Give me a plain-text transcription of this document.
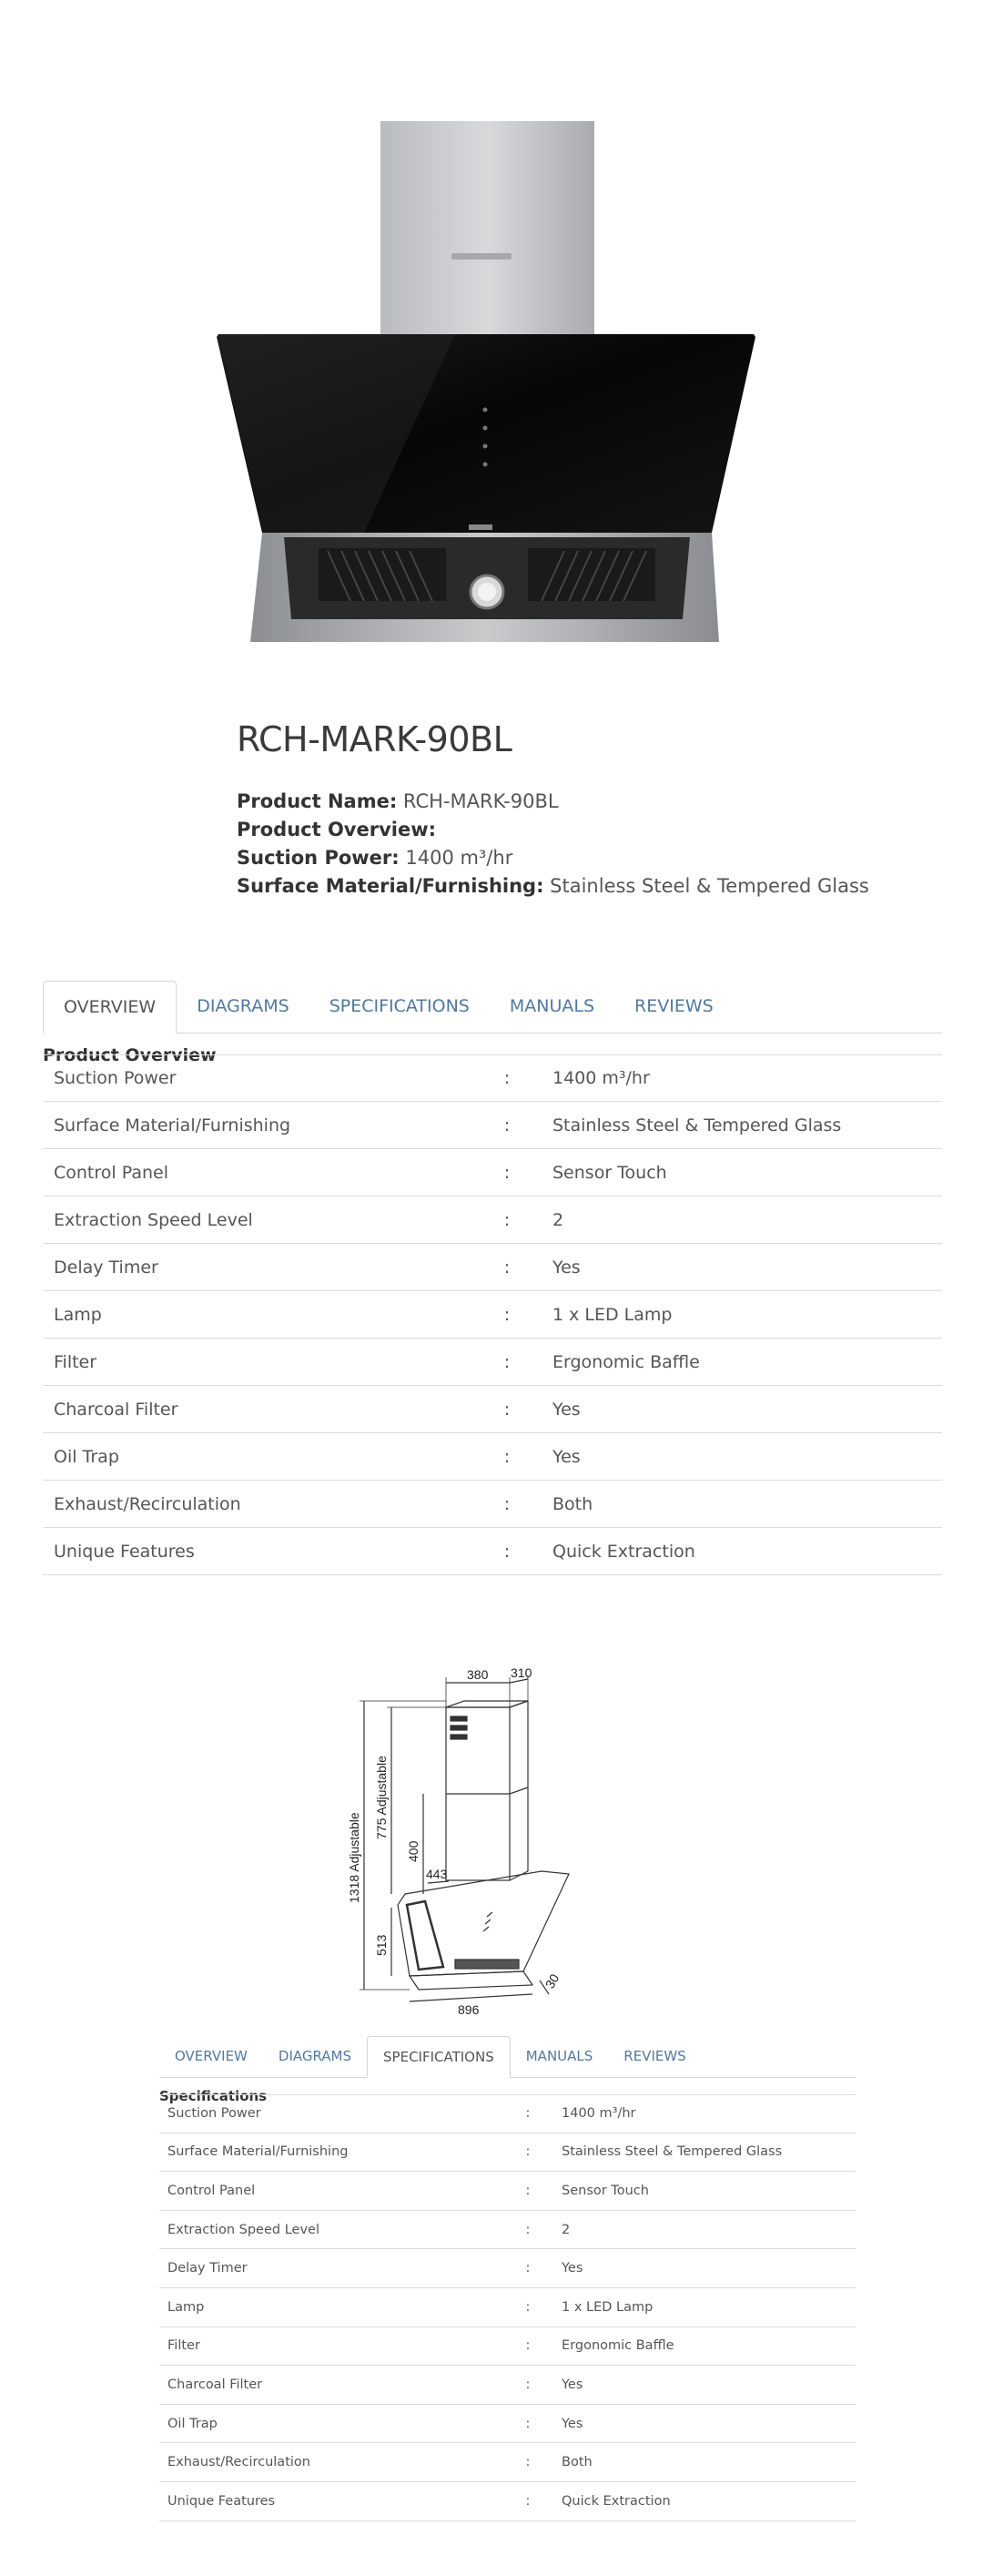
RCH-MARK-90BL
Product Name: RCH-MARK-90BL
Product Overview:
Suction Power: 1400 m³/hr
Surface Material/Furnishing: Stainless Steel & Tempered Glass
OVERVIEW	DIAGRAMS	SPECIFICATIONS	MANUALS	REVIEWS
Product Overview
Suction Power	:	1400 m³/hr
Surface Material/Furnishing	:	Stainless Steel & Tempered Glass
Control Panel	:	Sensor Touch
Extraction Speed Level	:	2
Delay Timer	:	Yes
Lamp	:	1 x LED Lamp
Filter	:	Ergonomic Baffle
Charcoal Filter	:	Yes
Oil Trap	:	Yes
Exhaust/Recirculation	:	Both
Unique Features	:	Quick Extraction
380 310
1318 Adjustable
775 Adjustable
400
443
513
30
896
OVERVIEW	DIAGRAMS	SPECIFICATIONS	MANUALS	REVIEWS
Specifications
Suction Power	:	1400 m³/hr
Surface Material/Furnishing	:	Stainless Steel & Tempered Glass
Control Panel	:	Sensor Touch
Extraction Speed Level	:	2
Delay Timer	:	Yes
Lamp	:	1 x LED Lamp
Filter	:	Ergonomic Baffle
Charcoal Filter	:	Yes
Oil Trap	:	Yes
Exhaust/Recirculation	:	Both
Unique Features	:	Quick Extraction
